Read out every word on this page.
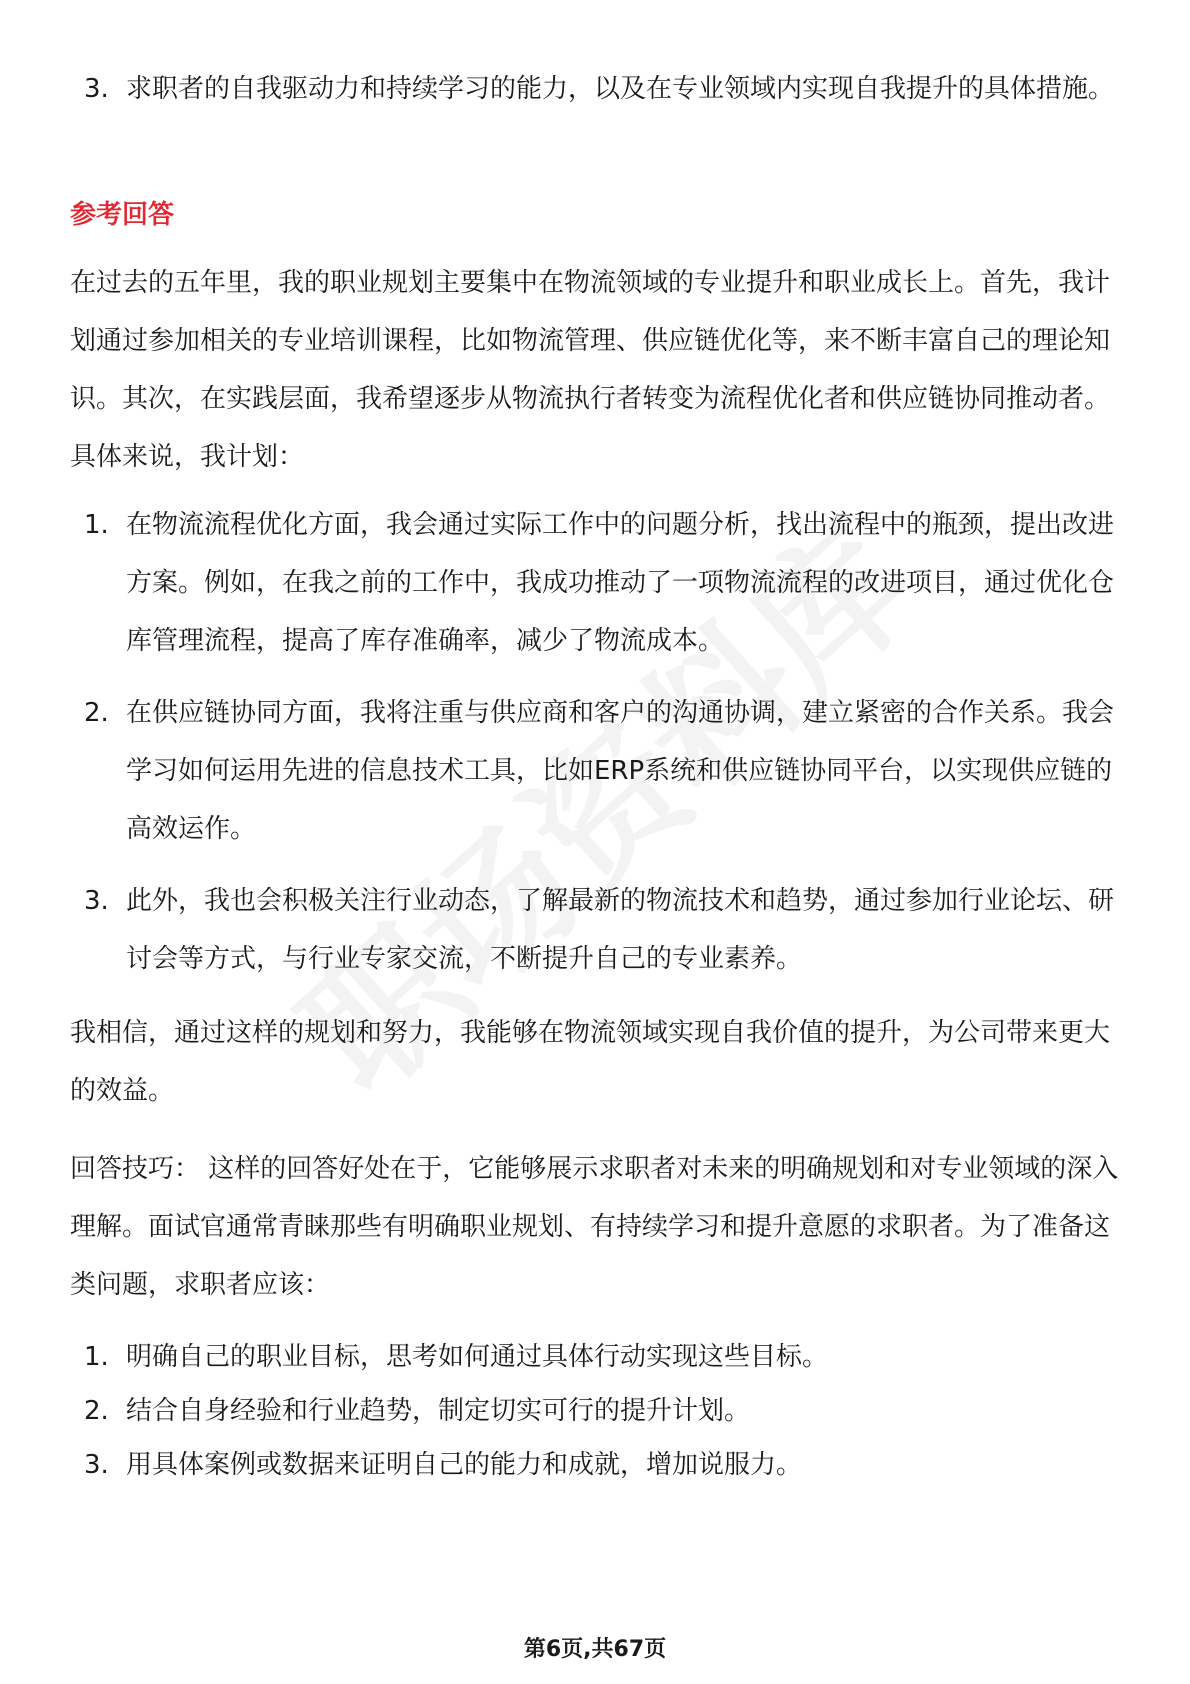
3. 求职者的自我驱动力和持续学习的能力，以及在专业领域内实现自我提升的具体措施。
参考回答
在过去的五年里，我的职业规划主要集中在物流领域的专业提升和职业成长上。首先，我计划通过参加相关的专业培训课程，比如物流管理、供应链优化等，来不断丰富自己的理论知识。其次，在实践层面，我希望逐步从物流执行者转变为流程优化者和供应链协同推动者。具体来说，我计划：
1. 在物流流程优化方面，我会通过实际工作中的问题分析，找出流程中的瓶颈，提出改进方案。例如，在我之前的工作中，我成功推动了一项物流流程的改进项目，通过优化仓库管理流程，提高了库存准确率，减少了物流成本。
2. 在供应链协同方面，我将注重与供应商和客户的沟通协调，建立紧密的合作关系。我会学习如何运用先进的信息技术工具，比如ERP系统和供应链协同平台，以实现供应链的高效运作。
3. 此外，我也会积极关注行业动态，了解最新的物流技术和趋势，通过参加行业论坛、研讨会等方式，与行业专家交流，不断提升自己的专业素养。
我相信，通过这样的规划和努力，我能够在物流领域实现自我价值的提升，为公司带来更大的效益。
回答技巧： 这样的回答好处在于，它能够展示求职者对未来的明确规划和对专业领域的深入理解。面试官通常青睐那些有明确职业规划、有持续学习和提升意愿的求职者。为了准备这类问题，求职者应该：
1. 明确自己的职业目标，思考如何通过具体行动实现这些目标。
2. 结合自身经验和行业趋势，制定切实可行的提升计划。
3. 用具体案例或数据来证明自己的能力和成就，增加说服力。
第6页,共67页
